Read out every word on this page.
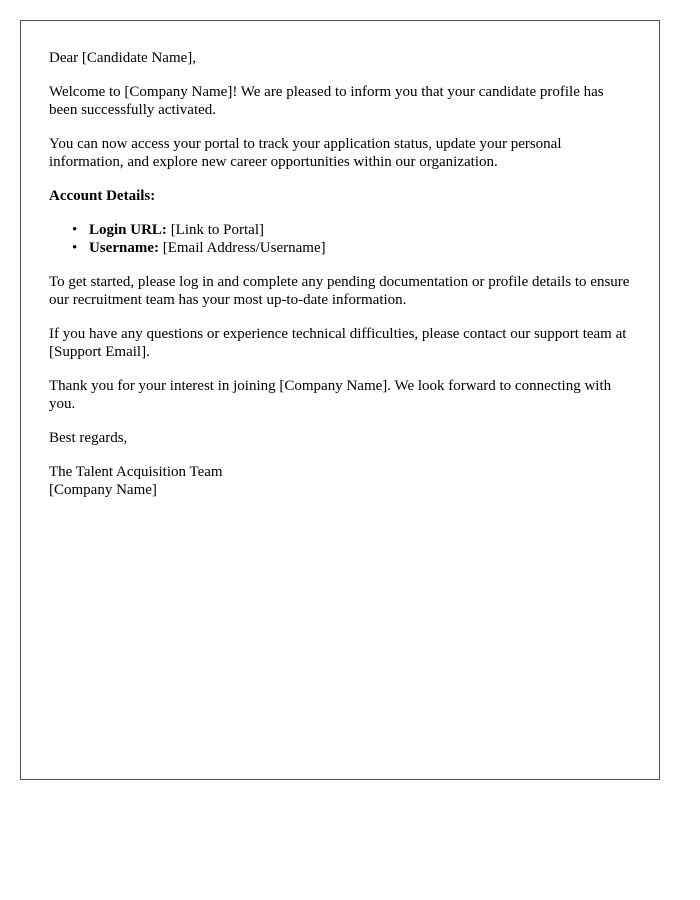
Dear [Candidate Name],

Welcome to [Company Name]! We are pleased to inform you that your candidate profile has been successfully activated.

You can now access your portal to track your application status, update your personal information, and explore new career opportunities within our organization.

Account Details:

• Login URL: [Link to Portal]
• Username: [Email Address/Username]

To get started, please log in and complete any pending documentation or profile details to ensure our recruitment team has your most up-to-date information.

If you have any questions or experience technical difficulties, please contact our support team at [Support Email].

Thank you for your interest in joining [Company Name]. We look forward to connecting with you.

Best regards,

The Talent Acquisition Team

[Company Name]
